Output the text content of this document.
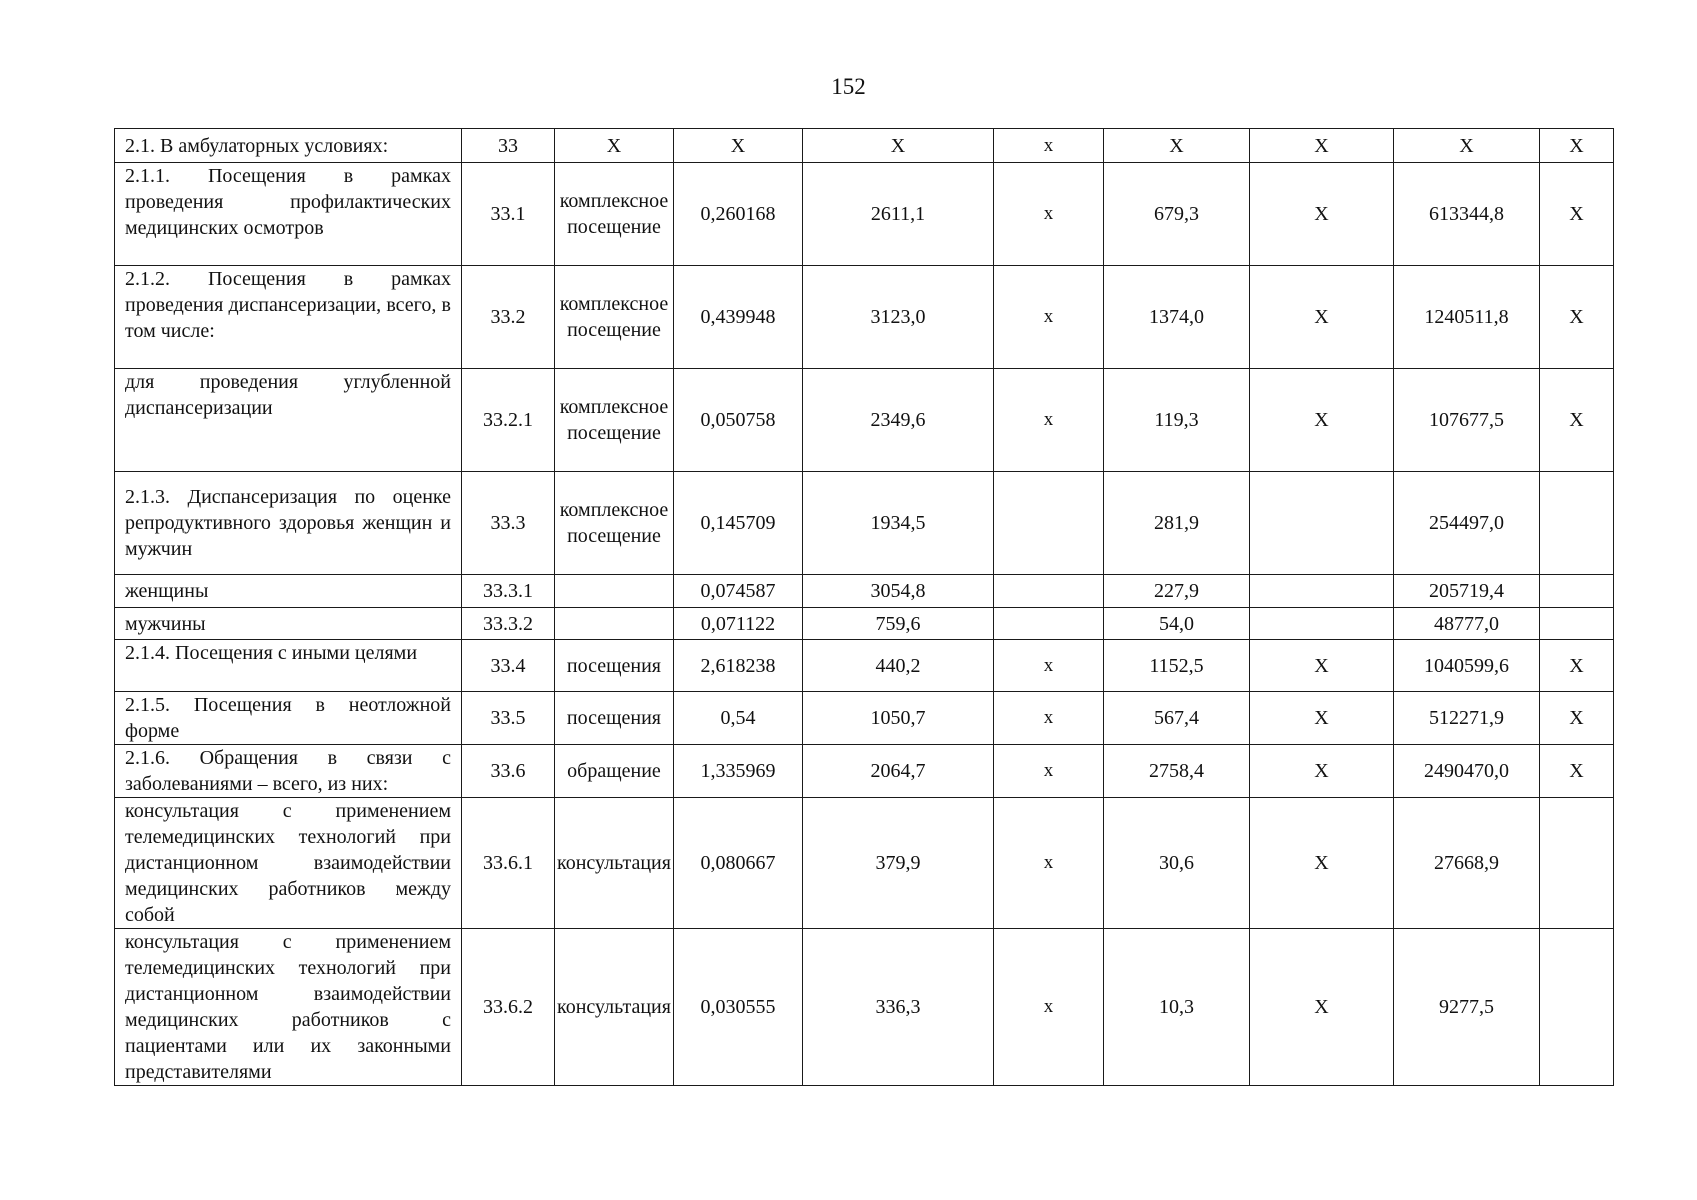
152
2.1. В амбулаторных условиях:	33	Х	Х	Х	х	Х	Х	Х	Х
2.1.1. Посещения в рамках проведения профилактических медицинских осмотров	33.1	комплексное посещение	0,260168	2611,1	х	679,3	Х	613344,8	Х
2.1.2. Посещения в рамках проведения диспансеризации, всего, в том числе:	33.2	комплексное посещение	0,439948	3123,0	х	1374,0	Х	1240511,8	Х
для проведения углубленной диспансеризации	33.2.1	комплексное посещение	0,050758	2349,6	х	119,3	Х	107677,5	Х
2.1.3. Диспансеризация по оценке репродуктивного здоровья женщин и мужчин	33.3	комплексное посещение	0,145709	1934,5		281,9		254497,0	
женщины	33.3.1		0,074587	3054,8		227,9		205719,4	
мужчины	33.3.2		0,071122	759,6		54,0		48777,0	
2.1.4. Посещения с иными целями	33.4	посещения	2,618238	440,2	х	1152,5	Х	1040599,6	Х
2.1.5. Посещения в неотложной форме	33.5	посещения	0,54	1050,7	х	567,4	Х	512271,9	Х
2.1.6. Обращения в связи с заболеваниями – всего, из них:	33.6	обращение	1,335969	2064,7	х	2758,4	Х	2490470,0	Х
консультация с применением телемедицинских технологий при дистанционном взаимодействии медицинских работников между собой	33.6.1	консультация	0,080667	379,9	х	30,6	Х	27668,9	
консультация с применением телемедицинских технологий при дистанционном взаимодействии медицинских работников с пациентами или их законными представителями	33.6.2	консультация	0,030555	336,3	х	10,3	Х	9277,5	
